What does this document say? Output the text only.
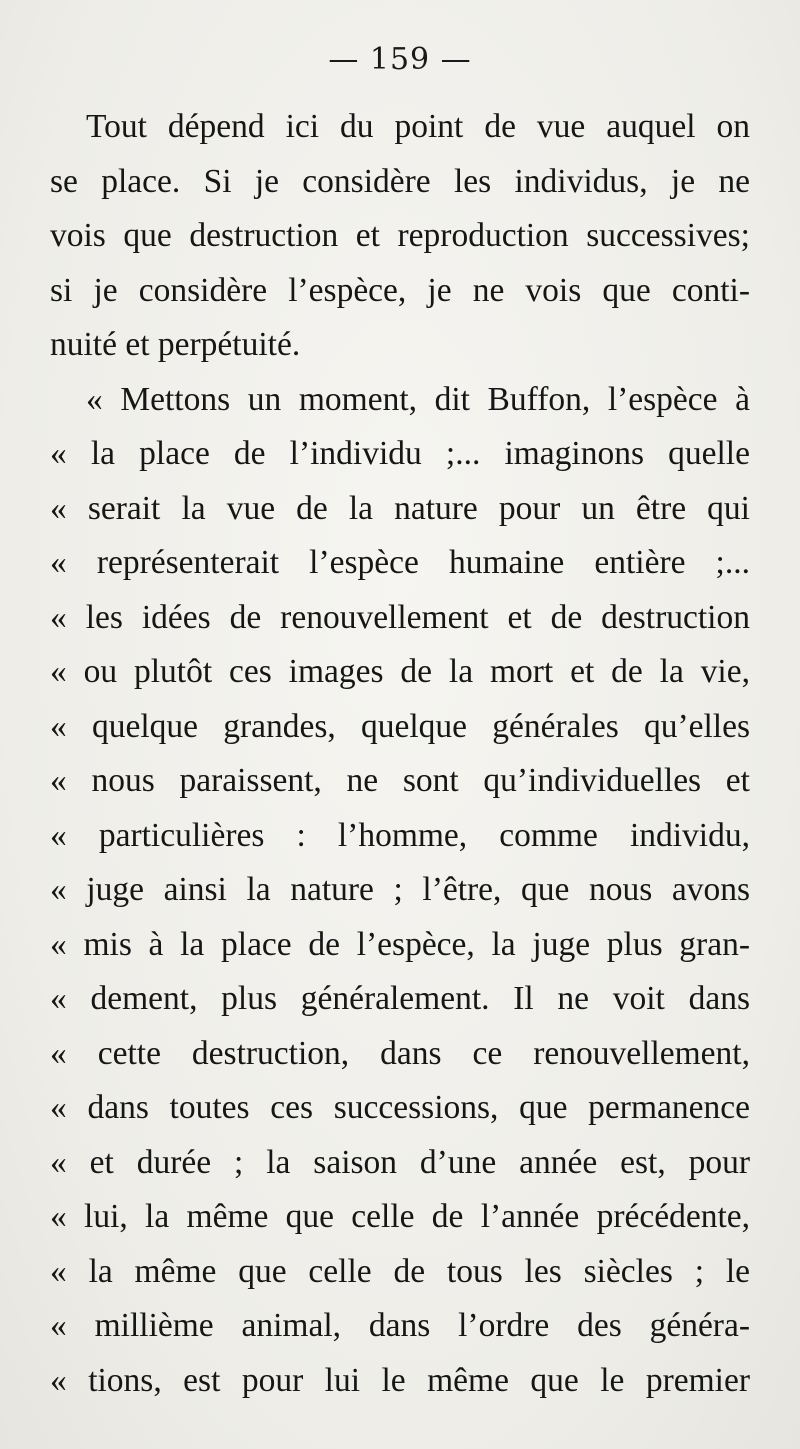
— 159 —
Tout dépend ici du point de vue auquel on
se place. Si je considère les individus, je ne
vois que destruction et reproduction successives;
si je considère l’espèce, je ne vois que conti-
nuité et perpétuité.
« Mettons un moment, dit Buffon, l’espèce à
« la place de l’individu ;... imaginons quelle
« serait la vue de la nature pour un être qui
« représenterait l’espèce humaine entière ;...
« les idées de renouvellement et de destruction
« ou plutôt ces images de la mort et de la vie,
« quelque grandes, quelque générales qu’elles
« nous paraissent, ne sont qu’individuelles et
« particulières : l’homme, comme individu,
« juge ainsi la nature ; l’être, que nous avons
« mis à la place de l’espèce, la juge plus gran-
« dement, plus généralement. Il ne voit dans
« cette destruction, dans ce renouvellement,
« dans toutes ces successions, que permanence
« et durée ; la saison d’une année est, pour
« lui, la même que celle de l’année précédente,
« la même que celle de tous les siècles ; le
« millième animal, dans l’ordre des généra-
« tions, est pour lui le même que le premier
